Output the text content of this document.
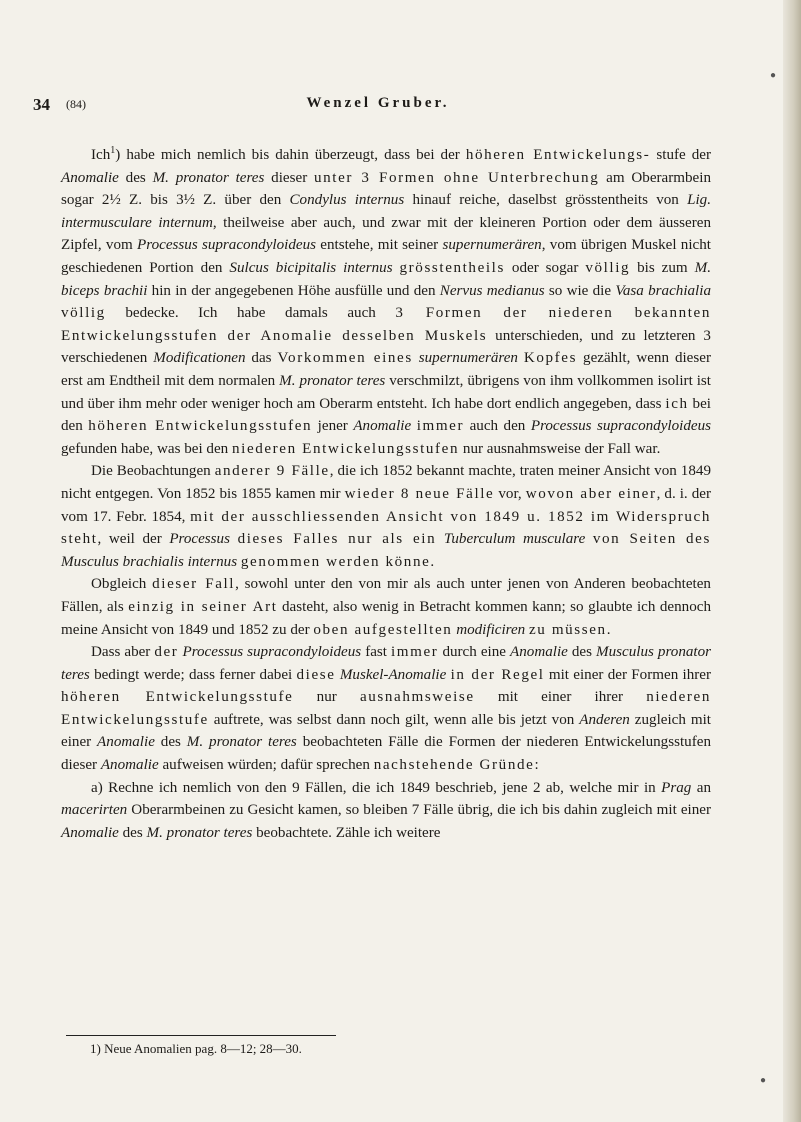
34 (84)	Wenzel Gruber.

Ich$^1$) habe mich nemlich bis dahin überzeugt, dass bei der höheren Entwickelungs- stufe der Anomalie des M. pronator teres dieser unter 3 Formen ohne Unterbrechung am Oberarmbein sogar 2½ Z. bis 3½ Z. über den Condylus internus hinauf reiche, daselbst grösstentheits von Lig. intermusculare internum, theilweise aber auch, und zwar mit der kleineren Portion oder dem äusseren Zipfel, vom Processus supracondyloideus entstehe, mit seiner supernumerären, vom übrigen Muskel nicht geschiedenen Portion den Sulcus bicipitalis internus grösstentheils oder sogar völlig bis zum M. biceps brachii hin in der angegebenen Höhe ausfülle und den Nervus medianus so wie die Vasa brachialia völlig bedecke. Ich habe damals auch 3 Formen der niederen bekannten Entwickelungsstufen der Anomalie desselben Muskels unterschieden, und zu letzteren 3 verschiedenen Modificationen das Vorkommen eines supernumerären Kopfes gezählt, wenn dieser erst am Endtheil mit dem normalen M. pronator teres verschmilzt, übrigens von ihm vollkommen isolirt ist und über ihm mehr oder weniger hoch am Oberarm entsteht. Ich habe dort endlich angegeben, dass ich bei den höheren Entwickelungsstufen jener Anomalie immer auch den Processus supracondyloideus gefunden habe, was bei den niederen Entwickelungsstufen nur ausnahmsweise der Fall war.

Die Beobachtungen anderer 9 Fälle, die ich 1852 bekannt machte, traten meiner Ansicht von 1849 nicht entgegen. Von 1852 bis 1855 kamen mir wieder 8 neue Fälle vor, wovon aber einer, d. i. der vom 17. Febr. 1854, mit der ausschliessenden Ansicht von 1849 u. 1852 im Widerspruch steht, weil der Processus dieses Falles nur als ein Tuberculum musculare von Seiten des Musculus brachialis internus genommen werden könne.

Obgleich dieser Fall, sowohl unter den von mir als auch unter jenen von Anderen beobachteten Fällen, als einzig in seiner Art dasteht, also wenig in Betracht kommen kann; so glaubte ich dennoch meine Ansicht von 1849 und 1852 zu der oben aufgestellten modificiren zu müssen.

Dass aber der Processus supracondyloideus fast immer durch eine Anomalie des Musculus pronator teres bedingt werde; dass ferner dabei diese Muskel-Anomalie in der Regel mit einer der Formen ihrer höheren Entwickelungsstufe nur ausnahmsweise mit einer ihrer niederen Entwickelungsstufe auftrete, was selbst dann noch gilt, wenn alle bis jetzt von Anderen zugleich mit einer Anomalie des M. pronator teres beobachteten Fälle die Formen der niederen Entwickelungsstufen dieser Anomalie aufweisen würden; dafür sprechen nachstehende Gründe:

a) Rechne ich nemlich von den 9 Fällen, die ich 1849 beschrieb, jene 2 ab, welche mir in Prag an macerirten Oberarmbeinen zu Gesicht kamen, so bleiben 7 Fälle übrig, die ich bis dahin zugleich mit einer Anomalie des M. pronator teres beobachtete. Zähle ich weitere

1) Neue Anomalien pag. 8—12; 28—30.
●
●
